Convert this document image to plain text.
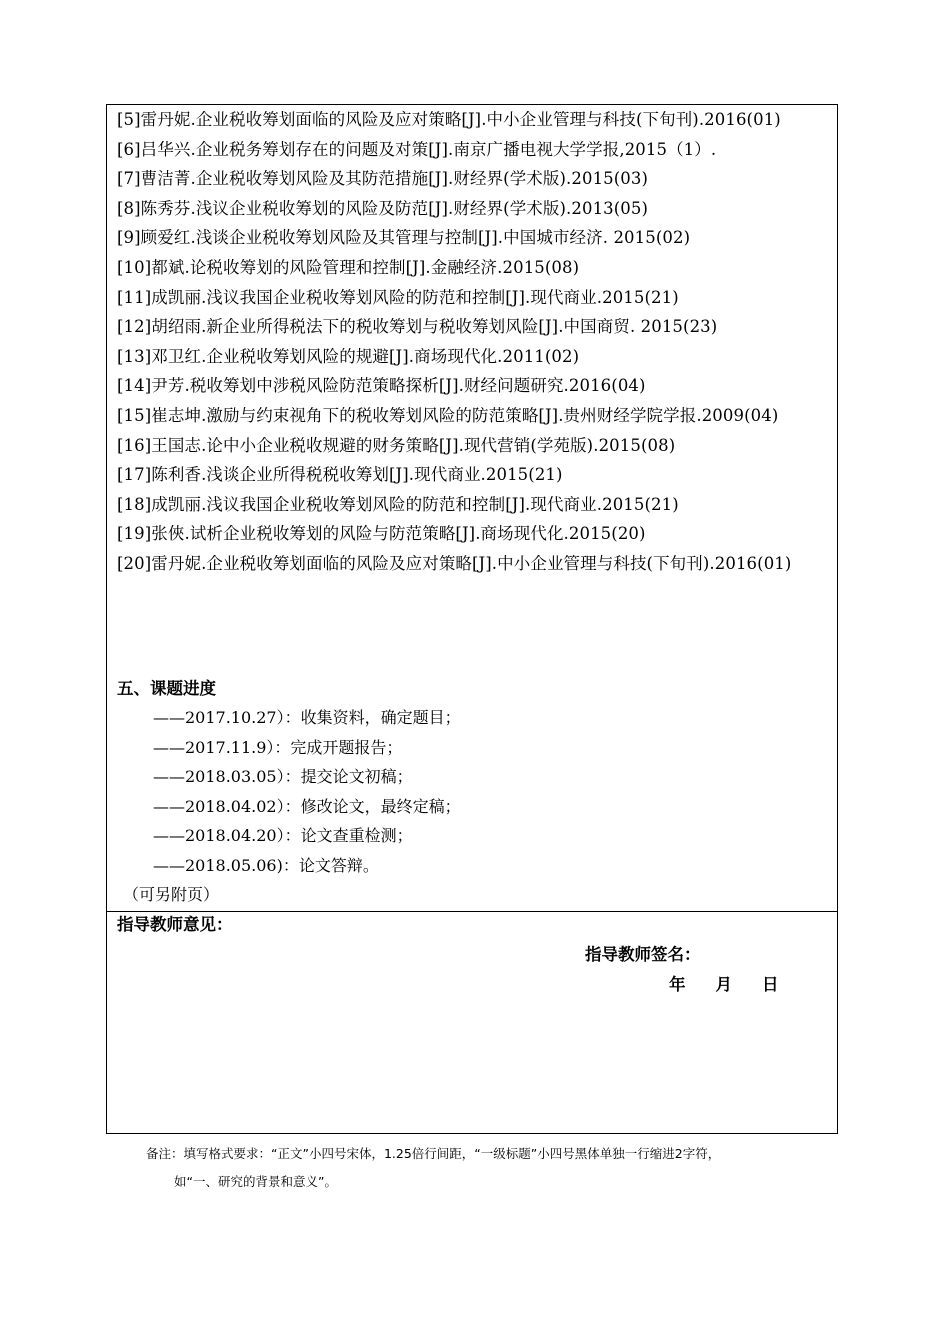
[5]雷丹妮.企业税收筹划面临的风险及应对策略[J].中小企业管理与科技(下旬刊).2016(01)
[6]吕华兴.企业税务筹划存在的问题及对策[J].南京广播电视大学学报,2015（1）.
[7]曹洁菁.企业税收筹划风险及其防范措施[J].财经界(学术版).2015(03)
[8]陈秀芬.浅议企业税收筹划的风险及防范[J].财经界(学术版).2013(05)
[9]顾爱红.浅谈企业税收筹划风险及其管理与控制[J].中国城市经济. 2015(02)
[10]都斌.论税收筹划的风险管理和控制[J].金融经济.2015(08)
[11]成凯丽.浅议我国企业税收筹划风险的防范和控制[J].现代商业.2015(21)
[12]胡绍雨.新企业所得税法下的税收筹划与税收筹划风险[J].中国商贸. 2015(23)
[13]邓卫红.企业税收筹划风险的规避[J].商场现代化.2011(02)
[14]尹芳.税收筹划中涉税风险防范策略探析[J].财经问题研究.2016(04)
[15]崔志坤.激励与约束视角下的税收筹划风险的防范策略[J].贵州财经学院学报.2009(04)
[16]王国志.论中小企业税收规避的财务策略[J].现代营销(学苑版).2015(08)
[17]陈利香.浅谈企业所得税税收筹划[J].现代商业.2015(21)
[18]成凯丽.浅议我国企业税收筹划风险的防范和控制[J].现代商业.2015(21)
[19]张俠.试析企业税收筹划的风险与防范策略[J].商场现代化.2015(20)
[20]雷丹妮.企业税收筹划面临的风险及应对策略[J].中小企业管理与科技(下旬刊).2016(01)
五、课题进度
——2017.10.27）：收集资料，确定题目；
——2017.11.9）：完成开题报告；
——2018.03.05）：提交论文初稿；
——2018.04.02）：修改论文，最终定稿；
——2018.04.20）：论文查重检测；
——2018.05.06)：论文答辩。
（可另附页）
指导教师意见：
指导教师签名：
年 月 日
备注：填写格式要求：“正文”小四号宋体，1.25倍行间距，“一级标题”小四号黑体单独一行缩进2字符，
如“一、研究的背景和意义”。
